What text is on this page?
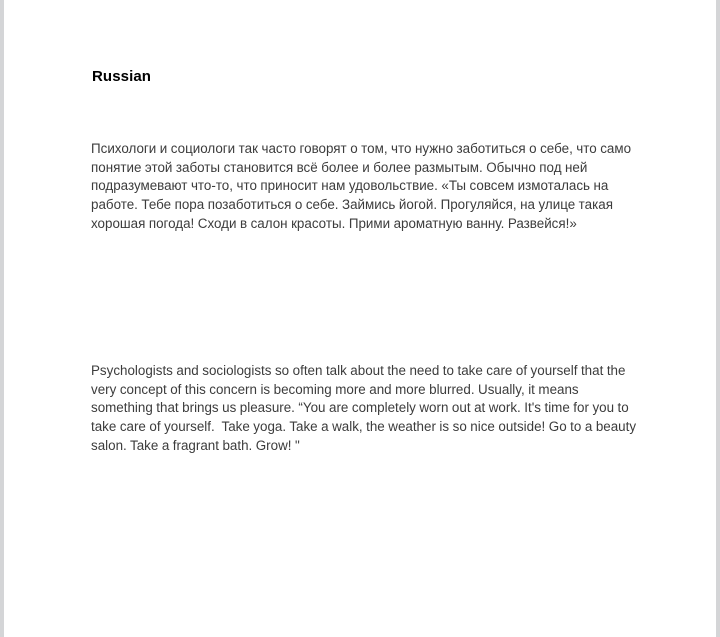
Russian

Психологи и социологи так часто говорят о том, что нужно заботиться о себе, что само понятие этой заботы становится всё более и более размытым. Обычно под ней подразумевают что-то, что приносит нам удовольствие. «Ты совсем измоталась на работе. Тебе пора позаботиться о себе. Займись йогой. Прогуляйся, на улице такая хорошая погода! Сходи в салон красоты. Прими ароматную ванну. Развейся!»

Psychologists and sociologists so often talk about the need to take care of yourself that the very concept of this concern is becoming more and more blurred. Usually, it means something that brings us pleasure. “You are completely worn out at work. It's time for you to take care of yourself.  Take yoga. Take a walk, the weather is so nice outside! Go to a beauty salon. Take a fragrant bath. Grow! "
